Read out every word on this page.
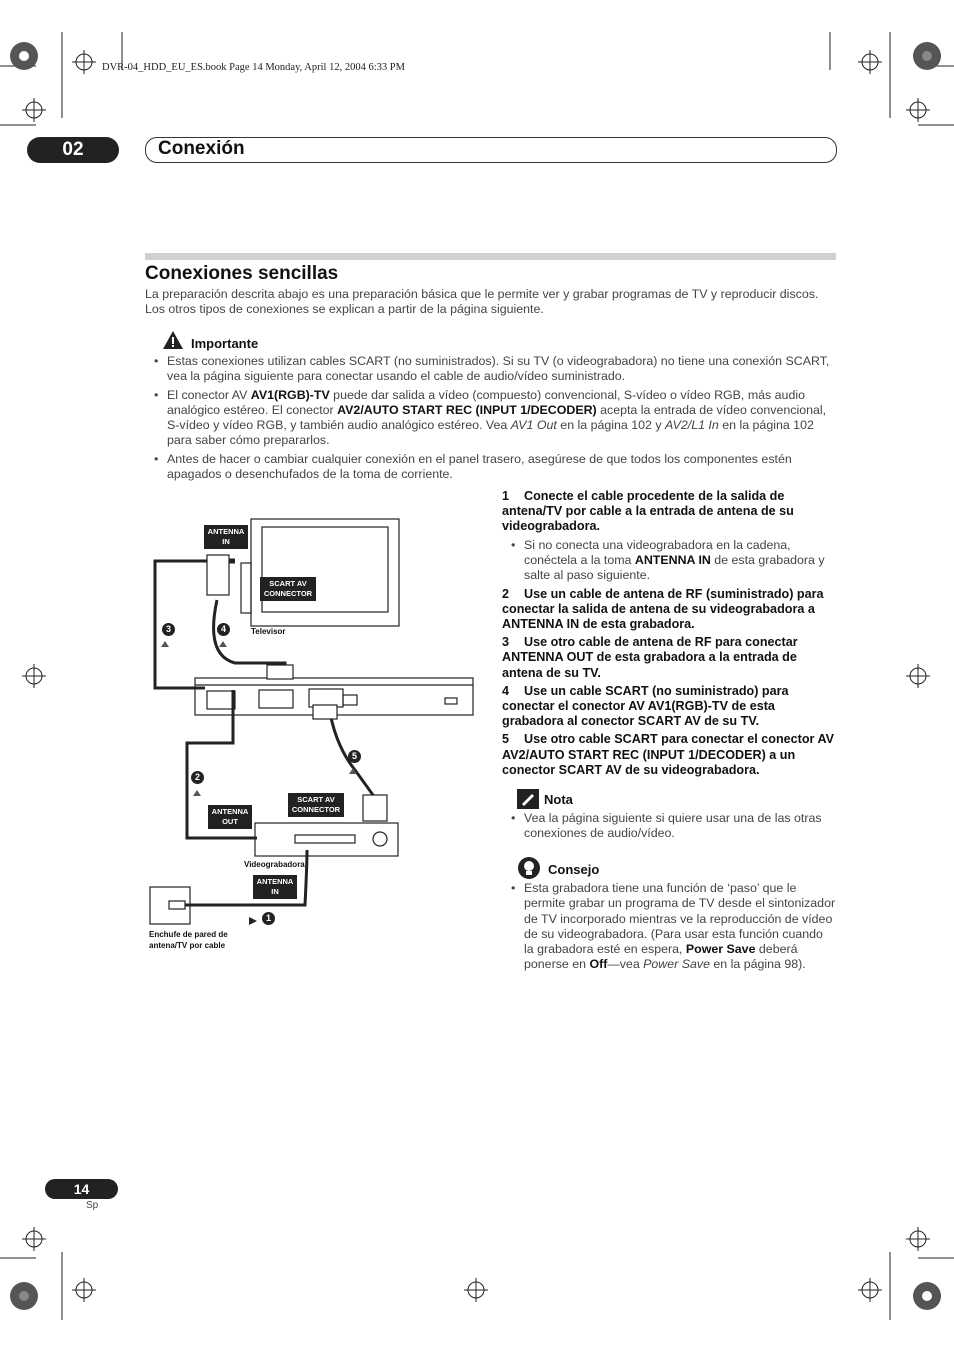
DVR-04_HDD_EU_ES.book Page 14 Monday, April 12, 2004 6:33 PM
02	Conexión
Conexiones sencillas
La preparación descrita abajo es una preparación básica que le permite ver y grabar programas de TV y reproducir discos. Los otros tipos de conexiones se explican a partir de la página siguiente.
Importante
• Estas conexiones utilizan cables SCART (no suministrados). Si su TV (o videograbadora) no tiene una conexión SCART, vea la página siguiente para conectar usando el cable de audio/vídeo suministrado.
• El conector AV AV1(RGB)-TV puede dar salida a vídeo (compuesto) convencional, S-vídeo o vídeo RGB, más audio analógico estéreo. El conector AV2/AUTO START REC (INPUT 1/DECODER) acepta la entrada de vídeo convencional, S-vídeo y vídeo RGB, y también audio analógico estéreo. Vea AV1 Out en la página 102 y AV2/L1 In en la página 102 para saber cómo prepararlos.
• Antes de hacer o cambiar cualquier conexión en el panel trasero, asegúrese de que todos los componentes estén apagados o desenchufados de la toma de corriente.
ANTENNA IN
SCART AV CONNECTOR
Televisor
ANTENNA OUT
SCART AV CONNECTOR
Videograbadora
ANTENNA IN
Enchufe de pared de antena/TV por cable
1
2
3	4
5
1 Conecte el cable procedente de la salida de antena/TV por cable a la entrada de antena de su videograbadora.
• Si no conecta una videograbadora en la cadena, conéctela a la toma ANTENNA IN de esta grabadora y salte al paso siguiente.
2 Use un cable de antena de RF (suministrado) para conectar la salida de antena de su videograbadora a ANTENNA IN de esta grabadora.
3 Use otro cable de antena de RF para conectar ANTENNA OUT de esta grabadora a la entrada de antena de su TV.
4 Use un cable SCART (no suministrado) para conectar el conector AV AV1(RGB)-TV de esta grabadora al conector SCART AV de su TV.
5 Use otro cable SCART para conectar el conector AV AV2/AUTO START REC (INPUT 1/DECODER) a un conector SCART AV de su videograbadora.
Nota
• Vea la página siguiente si quiere usar una de las otras conexiones de audio/vídeo.
Consejo
• Esta grabadora tiene una función de ‘paso’ que le permite grabar un programa de TV desde el sintonizador de TV incorporado mientras ve la reproducción de vídeo de su videograbadora. (Para usar esta función cuando la grabadora esté en espera, Power Save deberá ponerse en Off—vea Power Save en la página 98).
14
Sp
